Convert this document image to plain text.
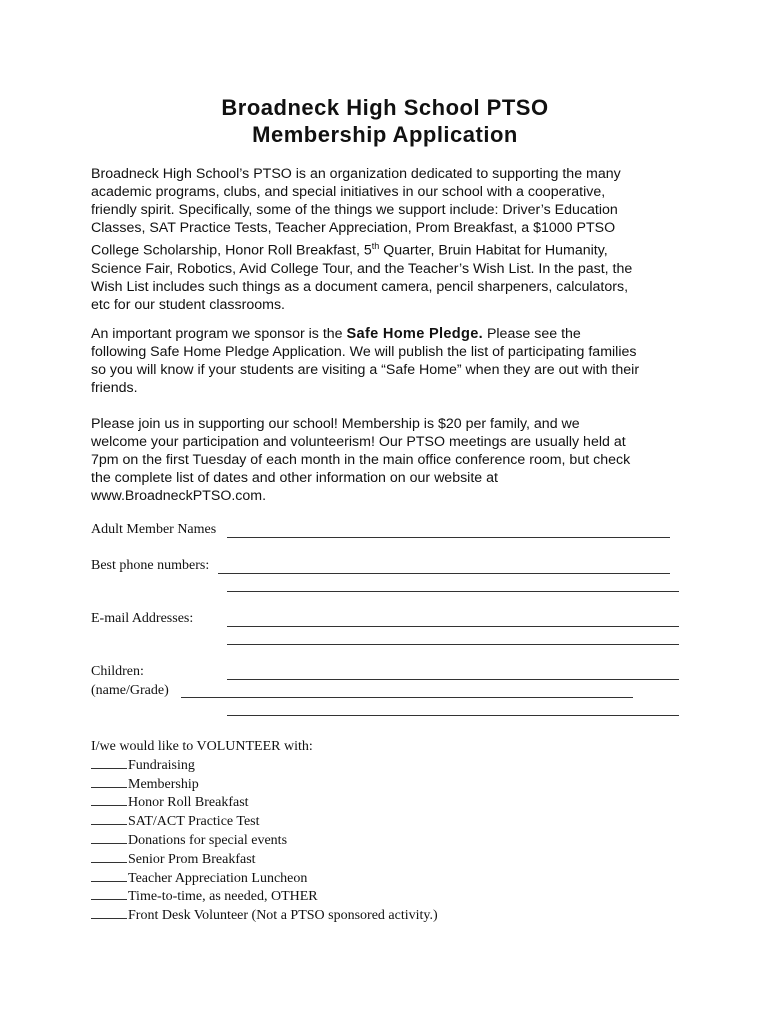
Broadneck High School PTSO
Membership Application
Broadneck High School’s PTSO is an organization dedicated to supporting the many
academic programs, clubs, and special initiatives in our school with a cooperative,
friendly spirit. Specifically, some of the things we support include: Driver’s Education
Classes, SAT Practice Tests, Teacher Appreciation, Prom Breakfast, a $1000 PTSO
College Scholarship, Honor Roll Breakfast, 5th Quarter, Bruin Habitat for Humanity,
Science Fair, Robotics, Avid College Tour, and the Teacher’s Wish List. In the past, the
Wish List includes such things as a document camera, pencil sharpeners, calculators,
etc for our student classrooms.
An important program we sponsor is the Safe Home Pledge. Please see the
following Safe Home Pledge Application. We will publish the list of participating families
so you will know if your students are visiting a “Safe Home” when they are out with their
friends.
Please join us in supporting our school! Membership is $20 per family, and we
welcome your participation and volunteerism! Our PTSO meetings are usually held at
7pm on the first Tuesday of each month in the main office conference room, but check
the complete list of dates and other information on our website at
www.BroadneckPTSO.com.
Adult Member Names
Best phone numbers:
E-mail Addresses:
Children:
(name/Grade)
I/we would like to VOLUNTEER with:
Fundraising
Membership
Honor Roll Breakfast
SAT/ACT Practice Test
Donations for special events
Senior Prom Breakfast
Teacher Appreciation Luncheon
Time-to-time, as needed, OTHER
Front Desk Volunteer (Not a PTSO sponsored activity.)
